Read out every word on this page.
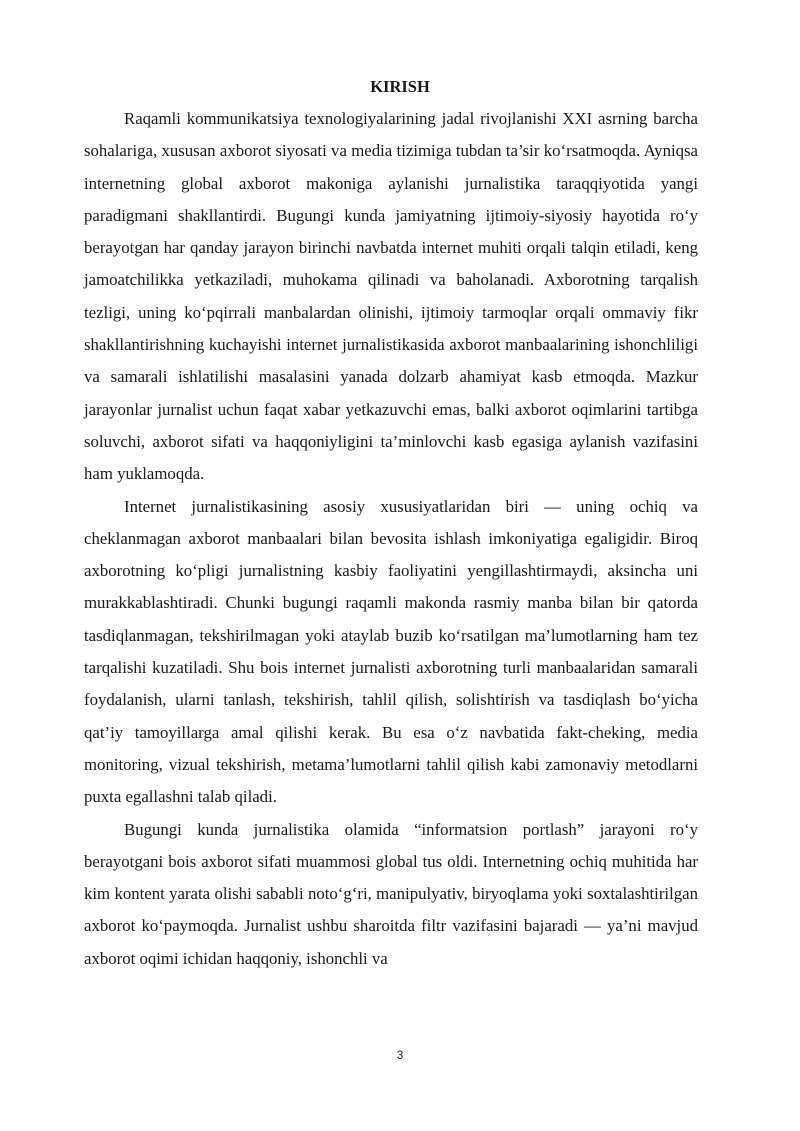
KIRISH

Raqamli kommunikatsiya texnologiyalarining jadal rivojlanishi XXI asrning barcha sohalariga, xususan axborot siyosati va media tizimiga tubdan ta’sir ko‘rsatmoqda. Ayniqsa internetning global axborot makoniga aylanishi jurnalistika taraqqiyotida yangi paradigmani shakllantirdi. Bugungi kunda jamiyatning ijtimoiy-siyosiy hayotida ro‘y berayotgan har qanday jarayon birinchi navbatda internet muhiti orqali talqin etiladi, keng jamoatchilikka yetkaziladi, muhokama qilinadi va baholanadi. Axborotning tarqalish tezligi, uning ko‘pqirrali manbalardan olinishi, ijtimoiy tarmoqlar orqali ommaviy fikr shakllantirishning kuchayishi internet jurnalistikasida axborot manbaalarining ishonchliligi va samarali ishlatilishi masalasini yanada dolzarb ahamiyat kasb etmoqda. Mazkur jarayonlar jurnalist uchun faqat xabar yetkazuvchi emas, balki axborot oqimlarini tartibga soluvchi, axborot sifati va haqqoniyligini ta’minlovchi kasb egasiga aylanish vazifasini ham yuklamoqda.

Internet jurnalistikasining asosiy xususiyatlaridan biri — uning ochiq va cheklanmagan axborot manbaalari bilan bevosita ishlash imkoniyatiga egaligidir. Biroq axborotning ko‘pligi jurnalistning kasbiy faoliyatini yengillashtirmaydi, aksincha uni murakkablashtiradi. Chunki bugungi raqamli makonda rasmiy manba bilan bir qatorda tasdiqlanmagan, tekshirilmagan yoki ataylab buzib ko‘rsatilgan ma’lumotlarning ham tez tarqalishi kuzatiladi. Shu bois internet jurnalisti axborotning turli manbaalaridan samarali foydalanish, ularni tanlash, tekshirish, tahlil qilish, solishtirish va tasdiqlash bo‘yicha qat’iy tamoyillarga amal qilishi kerak. Bu esa o‘z navbatida fakt-cheking, media monitoring, vizual tekshirish, metama’lumotlarni tahlil qilish kabi zamonaviy metodlarni puxta egallashni talab qiladi.

Bugungi kunda jurnalistika olamida “informatsion portlash” jarayoni ro‘y berayotgani bois axborot sifati muammosi global tus oldi. Internetning ochiq muhitida har kim kontent yarata olishi sababli noto‘g‘ri, manipulyativ, biryoqlama yoki soxtalashtirilgan axborot ko‘paymoqda. Jurnalist ushbu sharoitda filtr vazifasini bajaradi — ya’ni mavjud axborot oqimi ichidan haqqoniy, ishonchli va

3
